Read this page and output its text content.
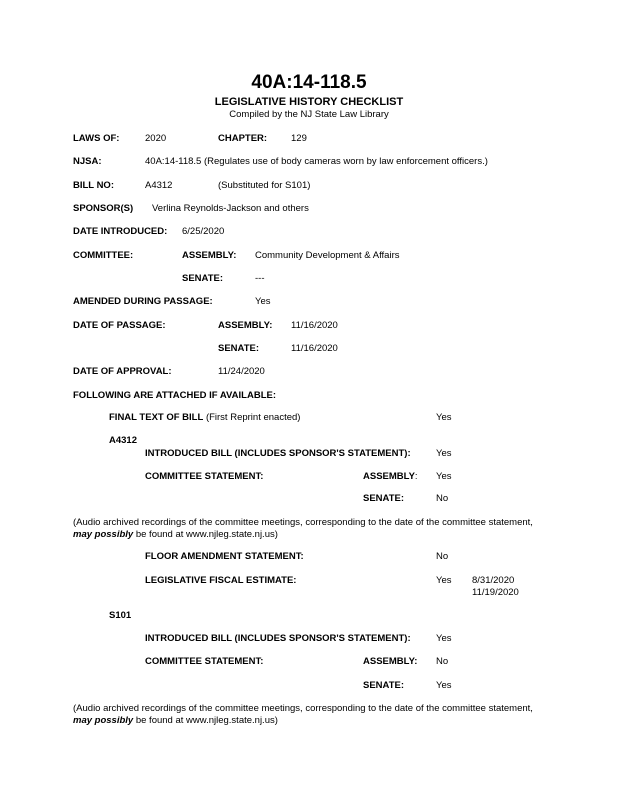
40A:14-118.5
LEGISLATIVE HISTORY CHECKLIST
Compiled by the NJ State Law Library
LAWS OF:	2020	CHAPTER:	129
NJSA:	40A:14-118.5 (Regulates use of body cameras worn by law enforcement officers.)
BILL NO:	A4312	(Substituted for S101)
SPONSOR(S) Verlina Reynolds-Jackson and others
DATE INTRODUCED: 6/25/2020
COMMITTEE:	ASSEMBLY: Community Development & Affairs
SENATE:	---
AMENDED DURING PASSAGE:	Yes
DATE OF PASSAGE:	ASSEMBLY: 11/16/2020
SENATE:	11/16/2020
DATE OF APPROVAL:	11/24/2020
FOLLOWING ARE ATTACHED IF AVAILABLE:
FINAL TEXT OF BILL (First Reprint enacted)	Yes
A4312
INTRODUCED BILL (INCLUDES SPONSOR'S STATEMENT):	Yes
COMMITTEE STATEMENT:	ASSEMBLY: Yes
SENATE:	No
(Audio archived recordings of the committee meetings, corresponding to the date of the committee statement, may possibly be found at www.njleg.state.nj.us)
FLOOR AMENDMENT STATEMENT:	No
LEGISLATIVE FISCAL ESTIMATE:	Yes 8/31/2020
11/19/2020
S101
INTRODUCED BILL (INCLUDES SPONSOR'S STATEMENT):	Yes
COMMITTEE STATEMENT:	ASSEMBLY: No
SENATE:	Yes
(Audio archived recordings of the committee meetings, corresponding to the date of the committee statement, may possibly be found at www.njleg.state.nj.us)
